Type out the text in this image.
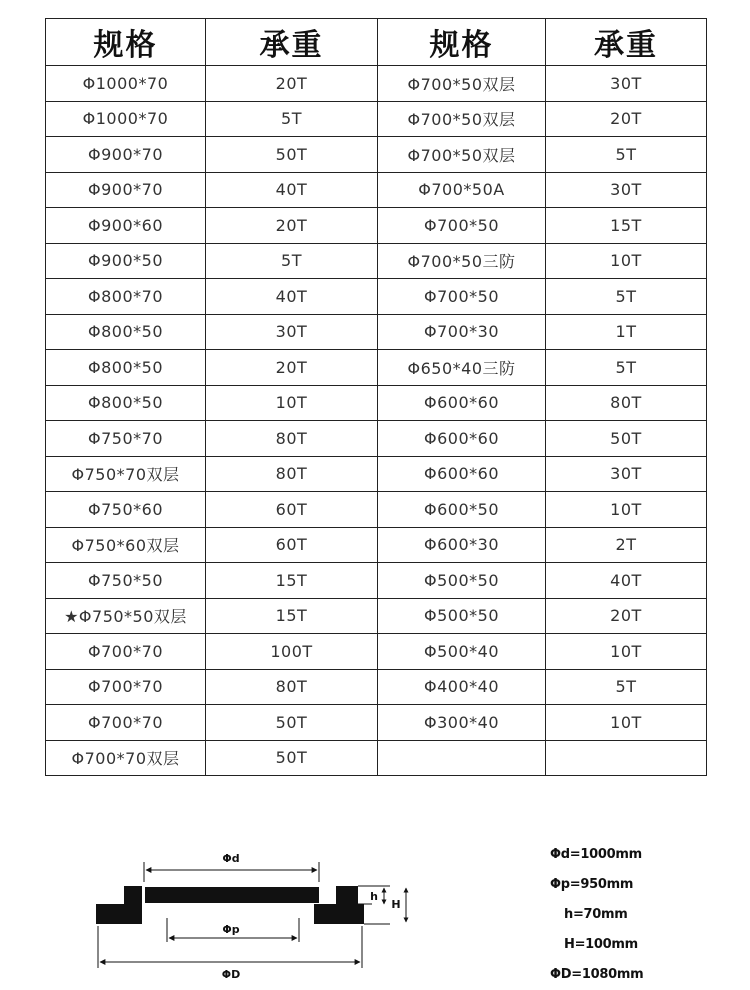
规格	承重	规格	承重
Φ1000*70	20T	Φ700*50双层	30T
Φ1000*70	5T	Φ700*50双层	20T
Φ900*70	50T	Φ700*50双层	5T
Φ900*70	40T	Φ700*50A	30T
Φ900*60	20T	Φ700*50	15T
Φ900*50	5T	Φ700*50三防	10T
Φ800*70	40T	Φ700*50	5T
Φ800*50	30T	Φ700*30	1T
Φ800*50	20T	Φ650*40三防	5T
Φ800*50	10T	Φ600*60	80T
Φ750*70	80T	Φ600*60	50T
Φ750*70双层	80T	Φ600*60	30T
Φ750*60	60T	Φ600*50	10T
Φ750*60双层	60T	Φ600*30	2T
Φ750*50	15T	Φ500*50	40T
★Φ750*50双层	15T	Φ500*50	20T
Φ700*70	100T	Φ500*40	10T
Φ700*70	80T	Φ400*40	5T
Φ700*70	50T	Φ300*40	10T
Φ700*70双层	50T		
Φd
Φp
ΦD
h
H
Φd=1000mm
Φp=950mm
h=70mm
H=100mm
ΦD=1080mm
